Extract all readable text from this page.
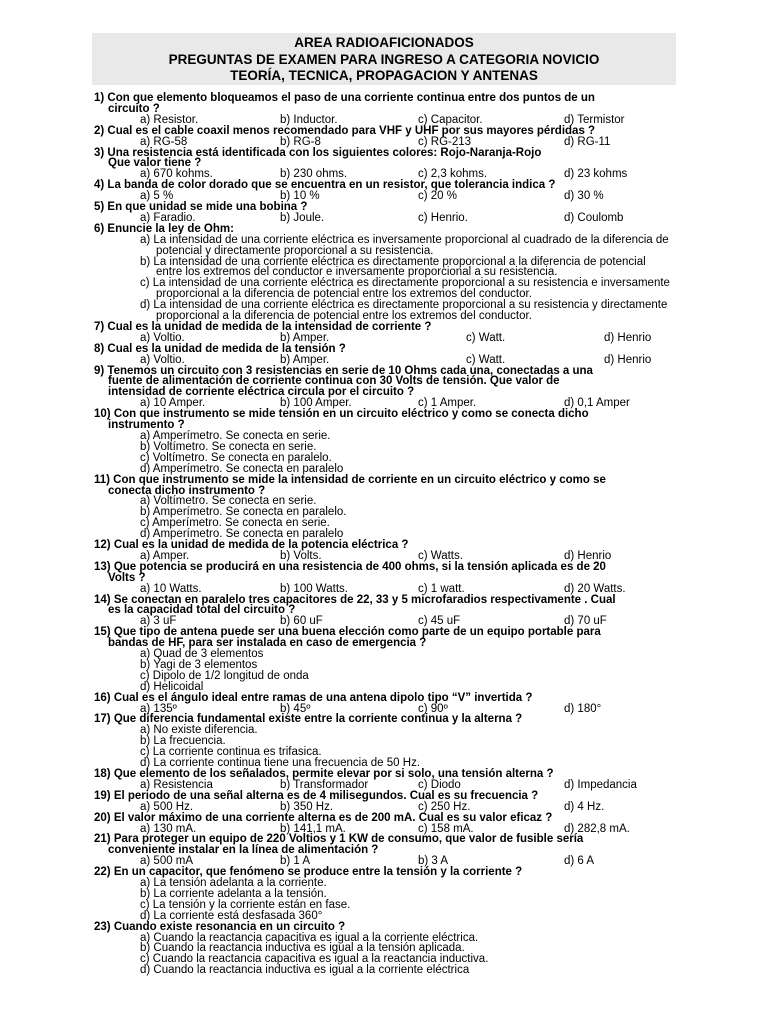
AREA RADIOAFICIONADOS
PREGUNTAS DE EXAMEN PARA INGRESO A CATEGORIA NOVICIO
TEORÍA, TECNICA, PROPAGACION Y ANTENAS
1) Con que elemento bloqueamos el paso de una corriente continua entre dos puntos de un
circuito ?
a) Resistor.	b) Inductor.	c) Capacitor.	d) Termistor
2) Cual es el cable coaxil menos recomendado para VHF y UHF por sus mayores pérdidas ?
a) RG-58	b) RG-8	c) RG-213	d) RG-11
3) Una resistencia está identificada con los siguientes colores: Rojo-Naranja-Rojo
Que valor tiene ?
a) 670 kohms.	b) 230 ohms.	c) 2,3 kohms.	d) 23 kohms
4) La banda de color dorado que se encuentra en un resistor, que tolerancia indica ?
a) 5 %	b) 10 %	c) 20 %	d) 30 %
5) En que unidad se mide una bobina ?
a) Faradio.	b) Joule.	c) Henrio.	d) Coulomb
6) Enuncie la ley de Ohm:
a) La intensidad de una corriente eléctrica es inversamente proporcional al cuadrado de la diferencia de potencial y directamente proporcional a su resistencia.
b) La intensidad de una corriente eléctrica es directamente proporcional a la diferencia de potencial entre los extremos del conductor e inversamente proporcional a su resistencia.
c) La intensidad de una corriente eléctrica es directamente proporcional a su resistencia e inversamente proporcional a la diferencia de potencial entre los extremos del conductor.
d) La intensidad de una corriente eléctrica es directamente proporcional a su resistencia y directamente proporcional a la diferencia de potencial entre los extremos del conductor.
7) Cual es la unidad de medida de la intensidad de corriente ?
a) Voltio.	b) Amper.	c) Watt.	d) Henrio
8) Cual es la unidad de medida de la tensión ?
a) Voltio.	b) Amper.	c) Watt.	d) Henrio
9) Tenemos un circuito con 3 resistencias en serie de 10 Ohms cada una, conectadas a una
fuente de alimentación de corriente continua con 30 Volts de tensión. Que valor de
intensidad de corriente eléctrica circula por el circuito ?
a) 10 Amper.	b) 100 Amper.	c) 1 Amper.	d) 0,1 Amper
10) Con que instrumento se mide tensión en un circuito eléctrico y como se conecta dicho
instrumento ?
a) Amperímetro. Se conecta en serie.
b) Voltímetro. Se conecta en serie.
c) Voltímetro. Se conecta en paralelo.
d) Amperímetro. Se conecta en paralelo
11) Con que instrumento se mide la intensidad de corriente en un circuito eléctrico y como se
conecta dicho instrumento ?
a) Voltímetro. Se conecta en serie.
b) Amperímetro. Se conecta en paralelo.
c) Amperímetro. Se conecta en serie.
d) Amperímetro. Se conecta en paralelo
12) Cual es la unidad de medida de la potencia eléctrica ?
a) Amper.	b) Volts.	c) Watts.	d) Henrio
13) Que potencia se producirá en una resistencia de 400 ohms, si la tensión aplicada es de 20
Volts ?
a) 10 Watts.	b) 100 Watts.	c) 1 watt.	d) 20 Watts.
14) Se conectan en paralelo tres capacitores de 22, 33 y 5 microfaradios respectivamente . Cual
es la capacidad total del circuito ?
a) 3 uF	b) 60 uF	c) 45 uF	d) 70 uF
15) Que tipo de antena puede ser una buena elección como parte de un equipo portable para
bandas de HF, para ser instalada en caso de emergencia ?
a) Quad de 3 elementos
b) Yagi de 3 elementos
c) Dipolo de 1/2 longitud de onda
d) Helicoidal
16) Cual es el ángulo ideal entre ramas de una antena dipolo tipo “V” invertida ?
a) 135º	b) 45º	c) 90º	d) 180°
17) Que diferencia fundamental existe entre la corriente continua y la alterna ?
a) No existe diferencia.
b) La frecuencia.
c) La corriente continua es trifasica.
d) La corriente continua tiene una frecuencia de 50 Hz.
18) Que elemento de los señalados, permite elevar por si solo, una tensión alterna ?
a) Resistencia	b) Transformador	c) Diodo	d) Impedancia
19) El periodo de una señal alterna es de 4 milisegundos. Cual es su frecuencia ?
a) 500 Hz.	b) 350 Hz.	c) 250 Hz.	d) 4 Hz.
20) El valor máximo de una corriente alterna es de 200 mA. Cual es su valor eficaz ?
a) 130 mA.	b) 141,1 mA.	c) 158 mA.	d) 282,8 mA.
21) Para proteger un equipo de 220 Voltios y 1 KW de consumo, que valor de fusible sería
conveniente instalar en la línea de alimentación ?
a) 500 mA	b) 1 A	b) 3 A	d) 6 A
22) En un capacitor, que fenómeno se produce entre la tensión y la corriente ?
a) La tensión adelanta a la corriente.
b) La corriente adelanta a la tensión.
c) La tensión y la corriente están en fase.
d) La corriente está desfasada 360°
23) Cuando existe resonancia en un circuito ?
a) Cuando la reactancia capacitiva es igual a la corriente eléctrica.
b) Cuando la reactancia inductiva es igual a la tensión aplicada.
c) Cuando la reactancia capacitiva es igual a la reactancia inductiva.
d) Cuando la reactancia inductiva es igual a la corriente eléctrica
